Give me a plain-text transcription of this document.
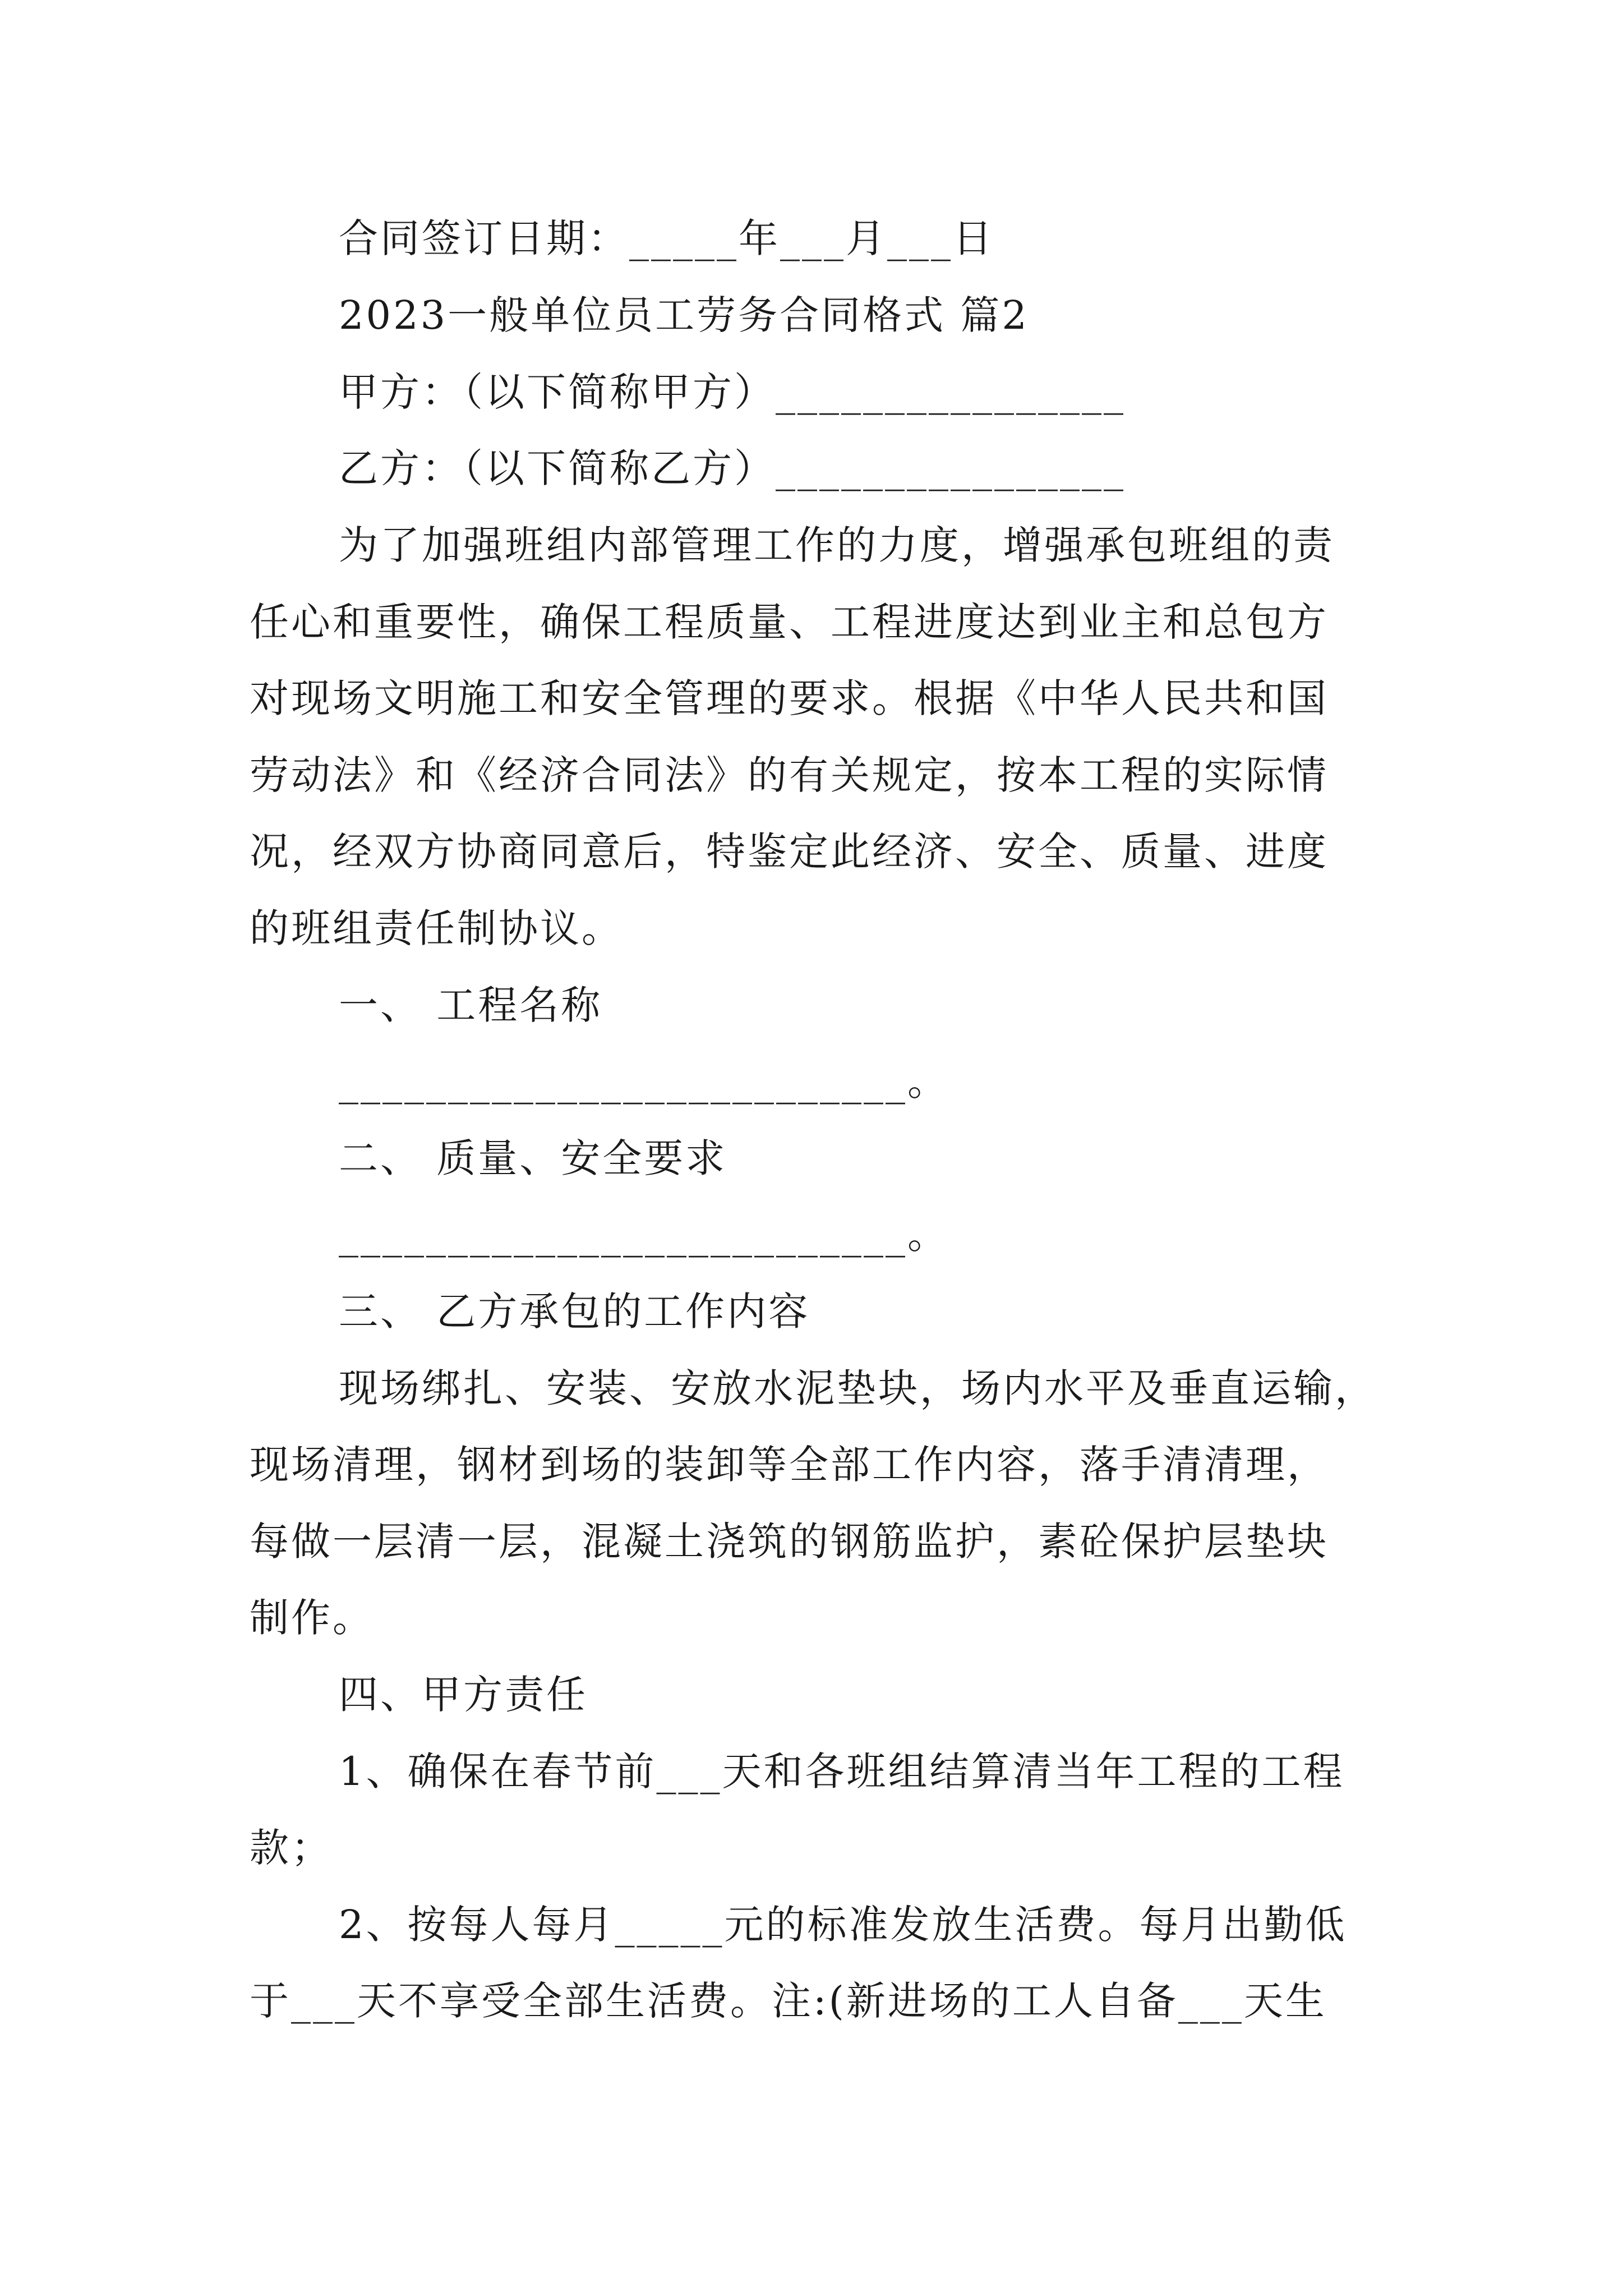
合同签订日期：_____年___月___日
2023一般单位员工劳务合同格式 篇2
甲方：（以下简称甲方）________________
乙方：（以下简称乙方）________________
为了加强班组内部管理工作的力度，增强承包班组的责
任心和重要性，确保工程质量、工程进度达到业主和总包方
对现场文明施工和安全管理的要求。根据《中华人民共和国
劳动法》和《经济合同法》的有关规定，按本工程的实际情
况，经双方协商同意后，特鉴定此经济、安全、质量、进度
的班组责任制协议。
一、 工程名称
__________________________。
二、 质量、安全要求
__________________________。
三、 乙方承包的工作内容
现场绑扎、安装、安放水泥垫块，场内水平及垂直运输，
现场清理，钢材到场的装卸等全部工作内容，落手清清理，
每做一层清一层，混凝土浇筑的钢筋监护，素砼保护层垫块
制作。
四、甲方责任
1、确保在春节前___天和各班组结算清当年工程的工程
款；
2、按每人每月_____元的标准发放生活费。每月出勤低
于___天不享受全部生活费。注:(新进场的工人自备___天生
